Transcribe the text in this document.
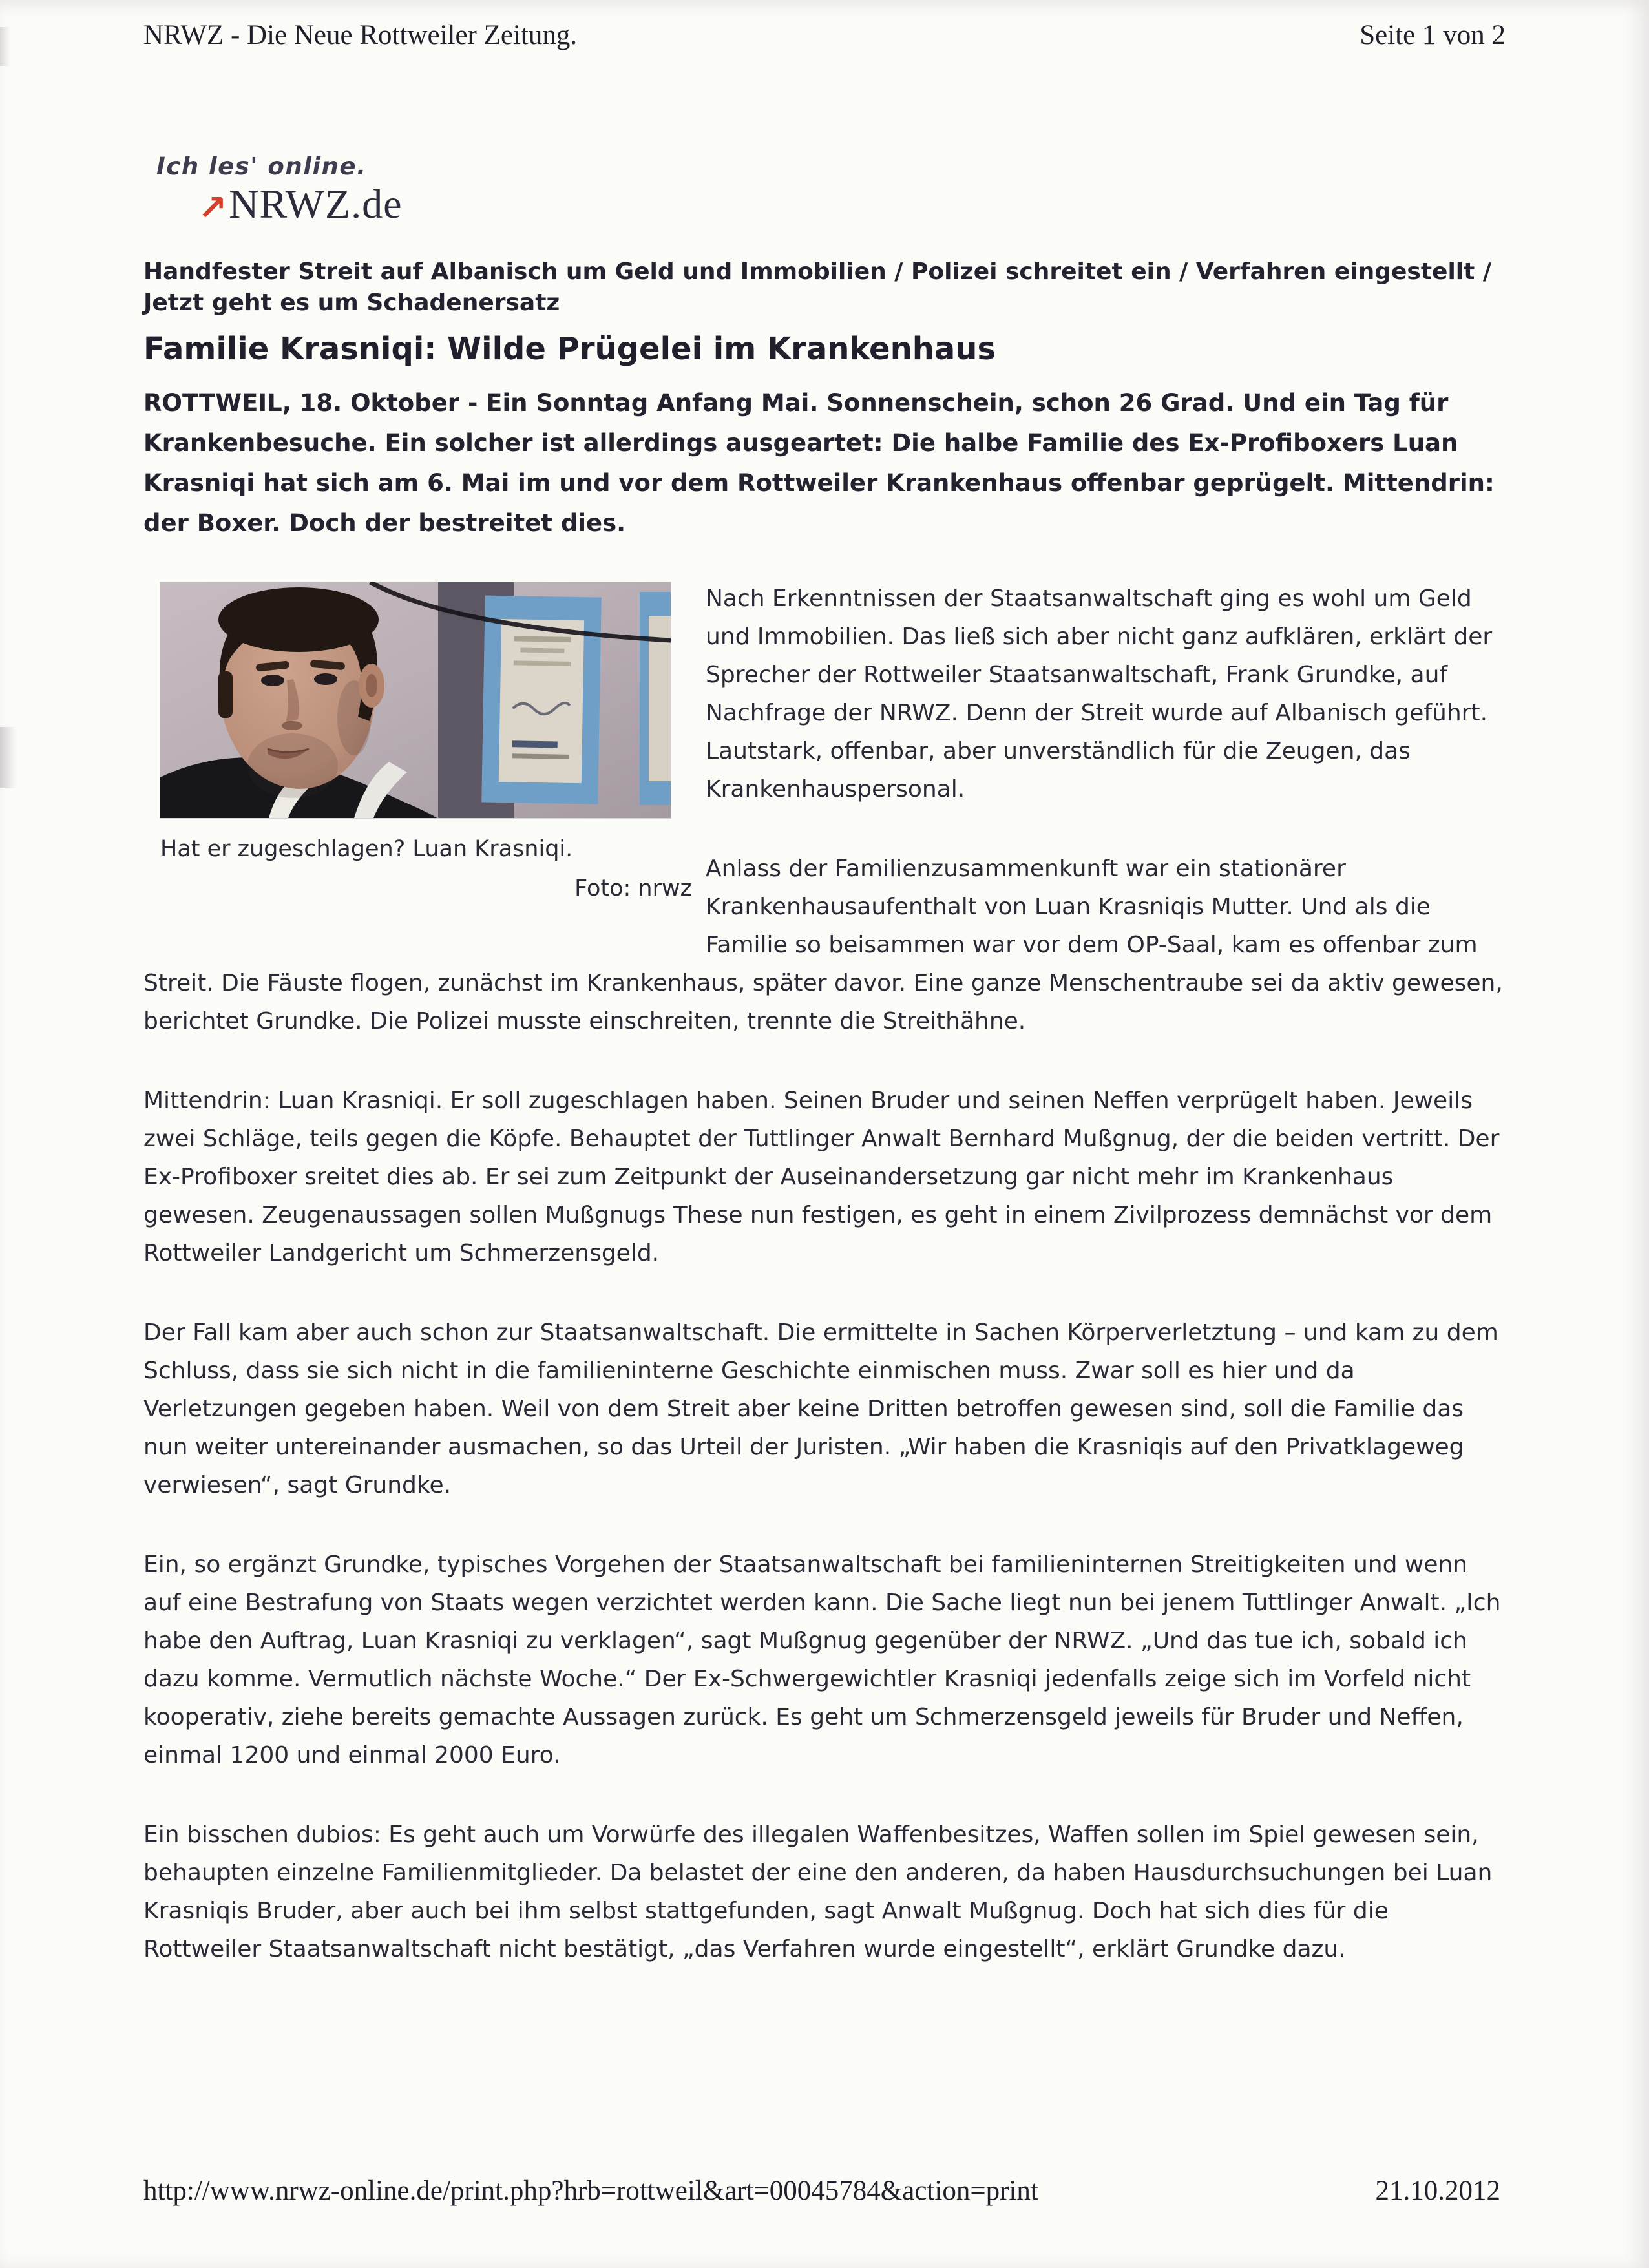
NRWZ - Die Neue Rottweiler Zeitung.	Seite 1 von 2
Ich les' online.
↗ NRWZ.de
Handfester Streit auf Albanisch um Geld und Immobilien / Polizei schreitet ein / Verfahren eingestellt / Jetzt geht es um Schadenersatz
Familie Krasniqi: Wilde Prügelei im Krankenhaus
ROTTWEIL, 18. Oktober - Ein Sonntag Anfang Mai. Sonnenschein, schon 26 Grad. Und ein Tag für Krankenbesuche. Ein solcher ist allerdings ausgeartet: Die halbe Familie des Ex-Profiboxers Luan Krasniqi hat sich am 6. Mai im und vor dem Rottweiler Krankenhaus offenbar geprügelt. Mittendrin: der Boxer. Doch der bestreitet dies.
Hat er zugeschlagen? Luan Krasniqi.
Foto: nrwz

Nach Erkenntnissen der Staatsanwaltschaft ging es wohl um Geld und Immobilien. Das ließ sich aber nicht ganz aufklären, erklärt der Sprecher der Rottweiler Staatsanwaltschaft, Frank Grundke, auf Nachfrage der NRWZ. Denn der Streit wurde auf Albanisch geführt. Lautstark, offenbar, aber unverständlich für die Zeugen, das Krankenhauspersonal.

Anlass der Familienzusammenkunft war ein stationärer Krankenhausaufenthalt von Luan Krasniqis Mutter. Und als die Familie so beisammen war vor dem OP-Saal, kam es offenbar zum Streit. Die Fäuste flogen, zunächst im Krankenhaus, später davor. Eine ganze Menschentraube sei da aktiv gewesen, berichtet Grundke. Die Polizei musste einschreiten, trennte die Streithähne.

Mittendrin: Luan Krasniqi. Er soll zugeschlagen haben. Seinen Bruder und seinen Neffen verprügelt haben. Jeweils zwei Schläge, teils gegen die Köpfe. Behauptet der Tuttlinger Anwalt Bernhard Mußgnug, der die beiden vertritt. Der Ex-Profiboxer sreitet dies ab. Er sei zum Zeitpunkt der Auseinandersetzung gar nicht mehr im Krankenhaus gewesen. Zeugenaussagen sollen Mußgnugs These nun festigen, es geht in einem Zivilprozess demnächst vor dem Rottweiler Landgericht um Schmerzensgeld.

Der Fall kam aber auch schon zur Staatsanwaltschaft. Die ermittelte in Sachen Körperverletztung – und kam zu dem Schluss, dass sie sich nicht in die familieninterne Geschichte einmischen muss. Zwar soll es hier und da Verletzungen gegeben haben. Weil von dem Streit aber keine Dritten betroffen gewesen sind, soll die Familie das nun weiter untereinander ausmachen, so das Urteil der Juristen. „Wir haben die Krasniqis auf den Privatklageweg verwiesen“, sagt Grundke.

Ein, so ergänzt Grundke, typisches Vorgehen der Staatsanwaltschaft bei familieninternen Streitigkeiten und wenn auf eine Bestrafung von Staats wegen verzichtet werden kann. Die Sache liegt nun bei jenem Tuttlinger Anwalt. „Ich habe den Auftrag, Luan Krasniqi zu verklagen“, sagt Mußgnug gegenüber der NRWZ. „Und das tue ich, sobald ich dazu komme. Vermutlich nächste Woche.“ Der Ex-Schwergewichtler Krasniqi jedenfalls zeige sich im Vorfeld nicht kooperativ, ziehe bereits gemachte Aussagen zurück. Es geht um Schmerzensgeld jeweils für Bruder und Neffen, einmal 1200 und einmal 2000 Euro.

Ein bisschen dubios: Es geht auch um Vorwürfe des illegalen Waffenbesitzes, Waffen sollen im Spiel gewesen sein, behaupten einzelne Familienmitglieder. Da belastet der eine den anderen, da haben Hausdurchsuchungen bei Luan Krasniqis Bruder, aber auch bei ihm selbst stattgefunden, sagt Anwalt Mußgnug. Doch hat sich dies für die Rottweiler Staatsanwaltschaft nicht bestätigt, „das Verfahren wurde eingestellt“, erklärt Grundke dazu.

http://www.nrwz-online.de/print.php?hrb=rottweil&art=00045784&action=print	21.10.2012
